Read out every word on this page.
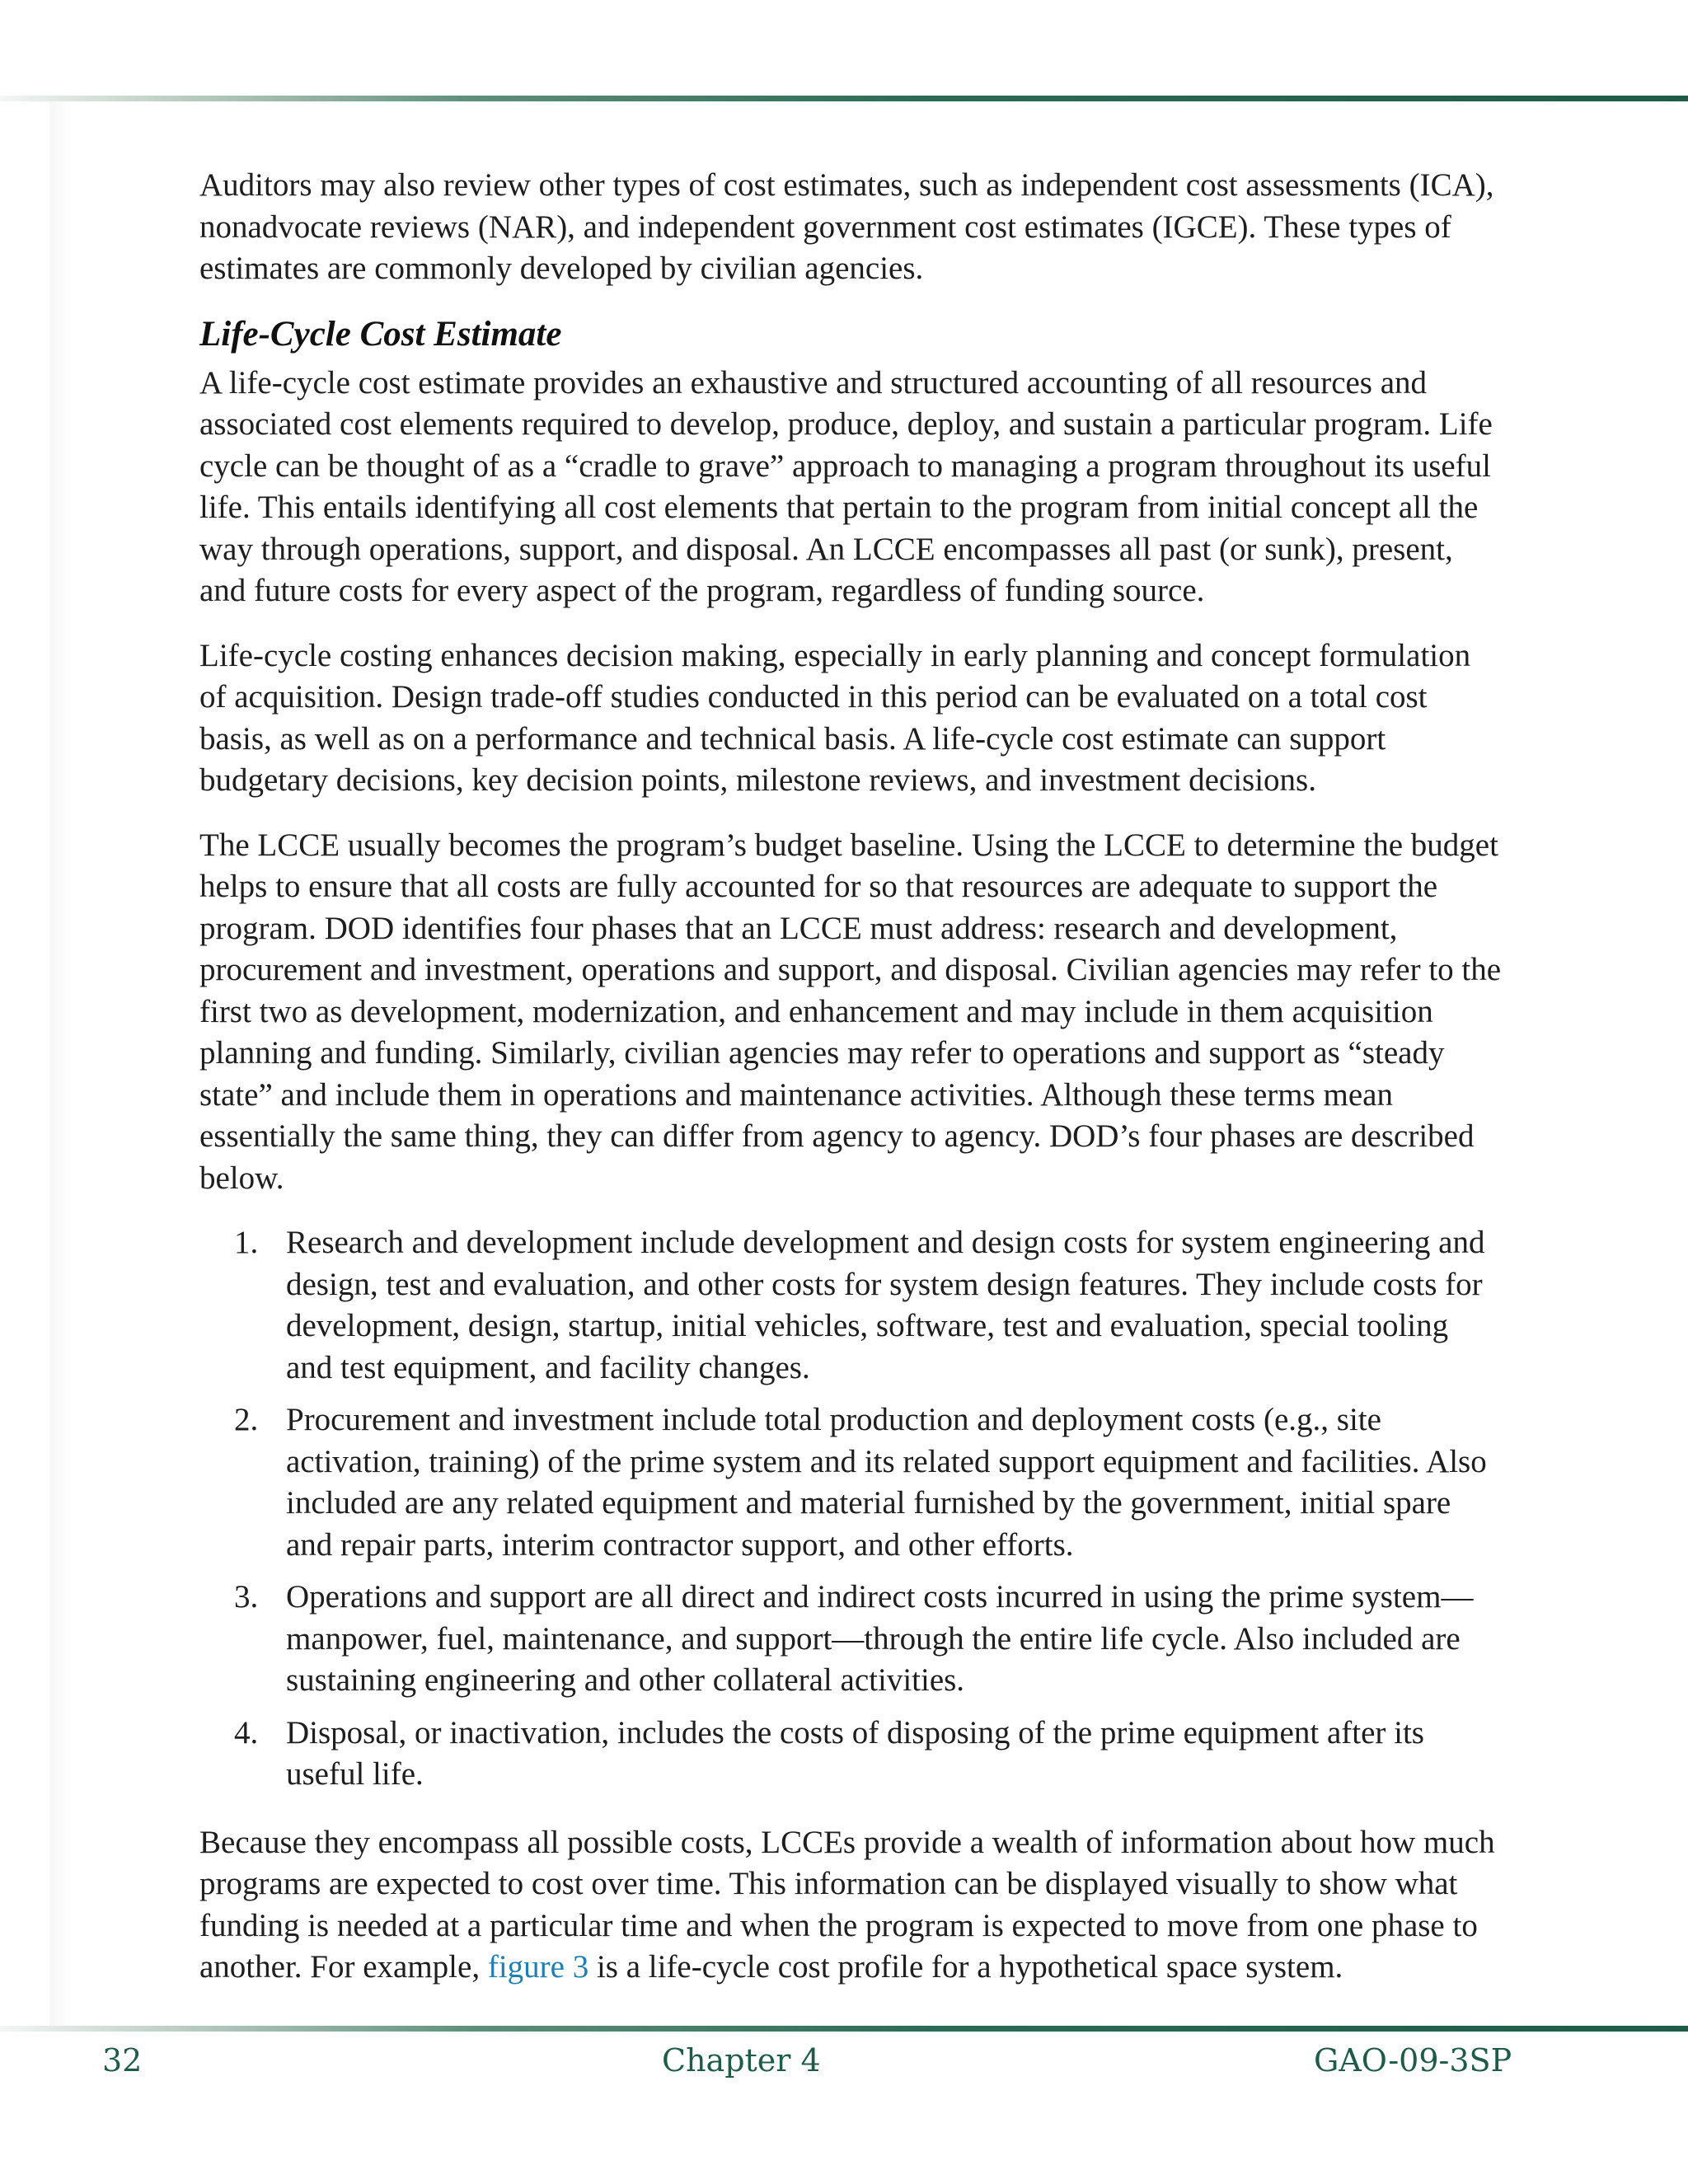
Auditors may also review other types of cost estimates, such as independent cost assessments (ICA), nonadvocate reviews (NAR), and independent government cost estimates (IGCE). These types of estimates are commonly developed by civilian agencies.

Life-Cycle Cost Estimate

A life-cycle cost estimate provides an exhaustive and structured accounting of all resources and associated cost elements required to develop, produce, deploy, and sustain a particular program. Life cycle can be thought of as a “cradle to grave” approach to managing a program throughout its useful life. This entails identifying all cost elements that pertain to the program from initial concept all the way through operations, support, and disposal. An LCCE encompasses all past (or sunk), present, and future costs for every aspect of the program, regardless of funding source.

Life-cycle costing enhances decision making, especially in early planning and concept formulation of acquisition. Design trade-off studies conducted in this period can be evaluated on a total cost basis, as well as on a performance and technical basis. A life-cycle cost estimate can support budgetary decisions, key decision points, milestone reviews, and investment decisions.

The LCCE usually becomes the program’s budget baseline. Using the LCCE to determine the budget helps to ensure that all costs are fully accounted for so that resources are adequate to support the program. DOD identifies four phases that an LCCE must address: research and development, procurement and investment, operations and support, and disposal. Civilian agencies may refer to the first two as development, modernization, and enhancement and may include in them acquisition planning and funding. Similarly, civilian agencies may refer to operations and support as “steady state” and include them in operations and maintenance activities. Although these terms mean essentially the same thing, they can differ from agency to agency. DOD’s four phases are described below.

1. Research and development include development and design costs for system engineering and design, test and evaluation, and other costs for system design features. They include costs for development, design, startup, initial vehicles, software, test and evaluation, special tooling and test equipment, and facility changes.
2. Procurement and investment include total production and deployment costs (e.g., site activation, training) of the prime system and its related support equipment and facilities. Also included are any related equipment and material furnished by the government, initial spare and repair parts, interim contractor support, and other efforts.
3. Operations and support are all direct and indirect costs incurred in using the prime system—manpower, fuel, maintenance, and support—through the entire life cycle. Also included are sustaining engineering and other collateral activities.
4. Disposal, or inactivation, includes the costs of disposing of the prime equipment after its useful life.

Because they encompass all possible costs, LCCEs provide a wealth of information about how much programs are expected to cost over time. This information can be displayed visually to show what funding is needed at a particular time and when the program is expected to move from one phase to another. For example, figure 3 is a life-cycle cost profile for a hypothetical space system.

32	Chapter 4	GAO-09-3SP
